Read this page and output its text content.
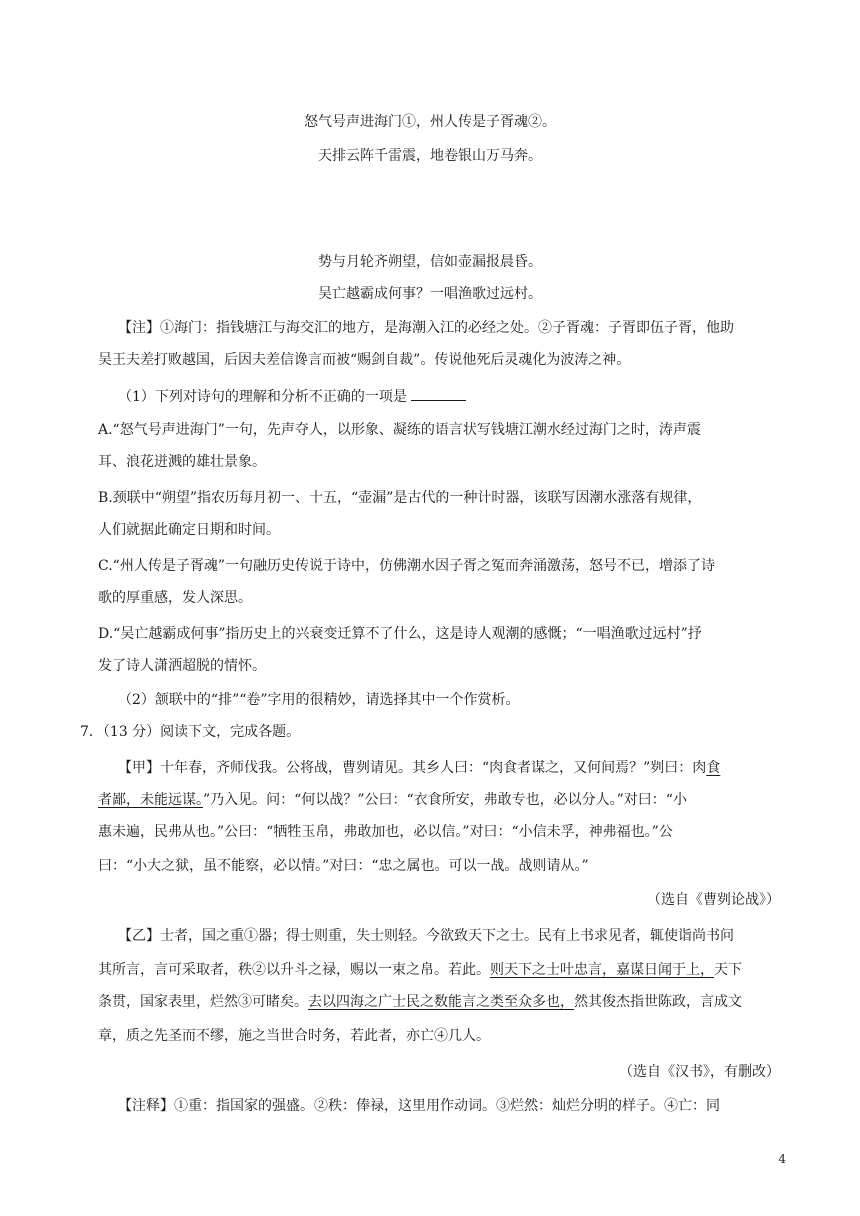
怒气号声进海门①，州人传是子胥魂②。
天排云阵千雷震，地卷银山万马奔。
势与月轮齐朔望，信如壶漏报晨昏。
吴亡越霸成何事？一唱渔歌过远村。
【注】①海门：指钱塘江与海交汇的地方，是海潮入江的必经之处。②子胥魂：子胥即伍子胥，他助
吴王夫差打败越国，后因夫差信谗言而被“赐剑自裁”。传说他死后灵魂化为波涛之神。
（1）下列对诗句的理解和分析不正确的一项是
A.“怒气号声进海门”一句，先声夺人，以形象、凝练的语言状写钱塘江潮水经过海门之时，涛声震
耳、浪花迸溅的雄壮景象。
B.颈联中“朔望”指农历每月初一、十五，“壶漏”是古代的一种计时器，该联写因潮水涨落有规律，
人们就据此确定日期和时间。
C.“州人传是子胥魂”一句融历史传说于诗中，仿佛潮水因子胥之冤而奔涌激荡，怒号不已，增添了诗
歌的厚重感，发人深思。
D.“吴亡越霸成何事”指历史上的兴衰变迁算不了什么，这是诗人观潮的感慨；“一唱渔歌过远村”抒
发了诗人潇洒超脱的情怀。
（2）颔联中的“排”“卷”字用的很精妙，请选择其中一个作赏析。
7．（13 分）阅读下文，完成各题。
【甲】十年春，齐师伐我。公将战，曹刿请见。其乡人曰：“肉食者谋之，又何间焉？”刿曰：肉食
者鄙，未能远谋。”乃入见。问：“何以战？”公曰：“衣食所安，弗敢专也，必以分人。”对曰：“小
惠未遍，民弗从也。”公曰：“牺牲玉帛，弗敢加也，必以信。”对曰：“小信未孚，神弗福也。”公
曰：“小大之狱，虽不能察，必以情。”对曰：“忠之属也。可以一战。战则请从。”
（选自《曹刿论战》）
【乙】士者，国之重①器；得士则重，失士则轻。今欲致天下之士。民有上书求见者，辄使诣尚书问
其所言，言可采取者，秩②以升斗之禄，赐以一束之帛。若此。则天下之士叶忠言，嘉谋日闻于上，天下
条贯，国家表里，烂然③可睹矣。去以四海之广士民之数能言之类至众多也，然其俊杰指世陈政，言成文
章，质之先圣而不缪，施之当世合时务，若此者，亦亡④几人。
（选自《汉书》，有删改）
【注释】①重：指国家的强盛。②秩：俸禄，这里用作动词。③烂然：灿烂分明的样子。④亡：同
4
